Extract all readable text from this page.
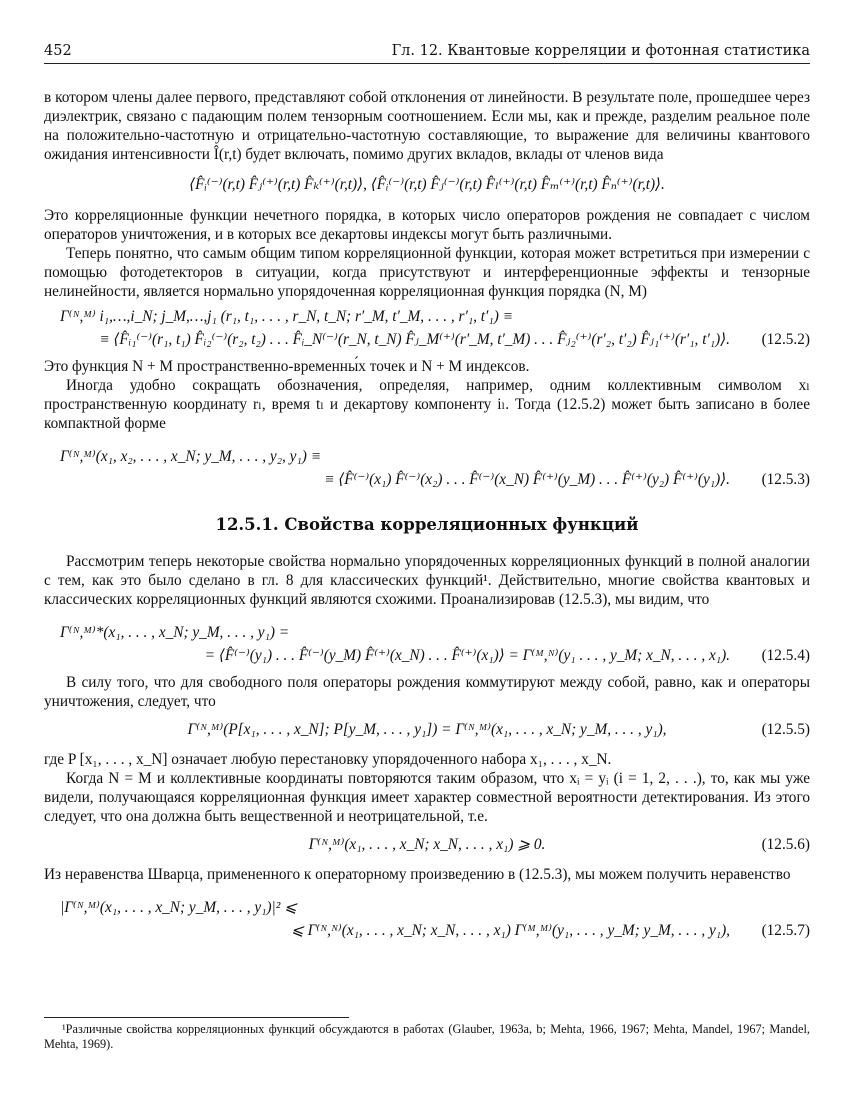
452	Гл. 12. Квантовые корреляции и фотонная статистика

в котором члены далее первого, представляют собой отклонения от линейности. В результате поле, прошедшее через диэлектрик, связано с падающим полем тензорным соотношением. Если мы, как и прежде, разделим реальное поле на положительно-частотную и отрицательно-частотную составляющие, то выражение для величины квантового ожидания интенсивности Î(r,t) будет включать, помимо других вкладов, вклады от членов вида

⟨F̂ᵢ⁽⁻⁾(r,t) F̂ⱼ⁽⁺⁾(r,t) F̂ₖ⁽⁺⁾(r,t)⟩, ⟨F̂ᵢ⁽⁻⁾(r,t) F̂ⱼ⁽⁻⁾(r,t) F̂ₗ⁽⁺⁾(r,t) F̂ₘ⁽⁺⁾(r,t) F̂ₙ⁽⁺⁾(r,t)⟩.

Это корреляционные функции нечетного порядка, в которых число операторов рождения не совпадает с числом операторов уничтожения, и в которых все декартовы индексы могут быть различными.

Теперь понятно, что самым общим типом корреляционной функции, которая может встретиться при измерении с помощью фотодетекторов в ситуации, когда присутствуют и интерференционные эффекты и тензорные нелинейности, является нормально упорядоченная корреляционная функция порядка (N, M)

Γ⁽ᴺ,ᴹ⁾ i₁,…,i_N; j_M,…,j₁ (r₁, t₁, . . . , r_N, t_N; r′_M, t′_M, . . . , r′₁, t′₁) ≡
≡ ⟨F̂ᵢ₁⁽⁻⁾(r₁, t₁) F̂ᵢ₂⁽⁻⁾(r₂, t₂) . . . F̂ᵢ_N⁽⁻⁾(r_N, t_N) F̂ⱼ_M⁽⁺⁾(r′_M, t′_M) . . . F̂ⱼ₂⁽⁺⁾(r′₂, t′₂) F̂ⱼ₁⁽⁺⁾(r′₁, t′₁)⟩.	(12.5.2)

Это функция N + M пространственно-временны́х точек и N + M индексов.

Иногда удобно сокращать обозначения, определяя, например, одним коллективным символом xₗ пространственную координату rₗ, время tₗ и декартову компоненту iₗ. Тогда (12.5.2) может быть записано в более компактной форме

Γ⁽ᴺ,ᴹ⁾(x₁, x₂, . . . , x_N; y_M, . . . , y₂, y₁) ≡
≡ ⟨F̂⁽⁻⁾(x₁) F̂⁽⁻⁾(x₂) . . . F̂⁽⁻⁾(x_N) F̂⁽⁺⁾(y_M) . . . F̂⁽⁺⁾(y₂) F̂⁽⁺⁾(y₁)⟩.	(12.5.3)
12.5.1. Свойства корреляционных функций

Рассмотрим теперь некоторые свойства нормально упорядоченных корреляционных функций в полной аналогии с тем, как это было сделано в гл. 8 для классических функций¹. Действительно, многие свойства квантовых и классических корреляционных функций являются схожими. Проанализировав (12.5.3), мы видим, что

Γ⁽ᴺ,ᴹ⁾*(x₁, . . . , x_N; y_M, . . . , y₁) =
= ⟨F̂⁽⁻⁾(y₁) . . . F̂⁽⁻⁾(y_M) F̂⁽⁺⁾(x_N) . . . F̂⁽⁺⁾(x₁)⟩ = Γ⁽ᴹ,ᴺ⁾(y₁ . . . , y_M; x_N, . . . , x₁).	(12.5.4)

В силу того, что для свободного поля операторы рождения коммутируют между собой, равно, как и операторы уничтожения, следует, что

Γ⁽ᴺ,ᴹ⁾(P[x₁, . . . , x_N]; P[y_M, . . . , y₁]) = Γ⁽ᴺ,ᴹ⁾(x₁, . . . , x_N; y_M, . . . , y₁),	(12.5.5)

где P [x₁, . . . , x_N] означает любую перестановку упорядоченного набора x₁, . . . , x_N.

Когда N = M и коллективные координаты повторяются таким образом, что xᵢ = yᵢ (i = 1, 2, . . .), то, как мы уже видели, получающаяся корреляционная функция имеет характер совместной вероятности детектирования. Из этого следует, что она должна быть вещественной и неотрицательной, т.е.

Γ⁽ᴺ,ᴹ⁾(x₁, . . . , x_N; x_N, . . . , x₁) ⩾ 0.	(12.5.6)

Из неравенства Шварца, примененного к операторному произведению в (12.5.3), мы можем получить неравенство

|Γ⁽ᴺ,ᴹ⁾(x₁, . . . , x_N; y_M, . . . , y₁)|² ⩽
⩽ Γ⁽ᴺ,ᴺ⁾(x₁, . . . , x_N; x_N, . . . , x₁) Γ⁽ᴹ,ᴹ⁾(y₁, . . . , y_M; y_M, . . . , y₁),	(12.5.7)

¹Различные свойства корреляционных функций обсуждаются в работах (Glauber, 1963a, b; Mehta, 1966, 1967; Mehta, Mandel, 1967; Mandel, Mehta, 1969).
